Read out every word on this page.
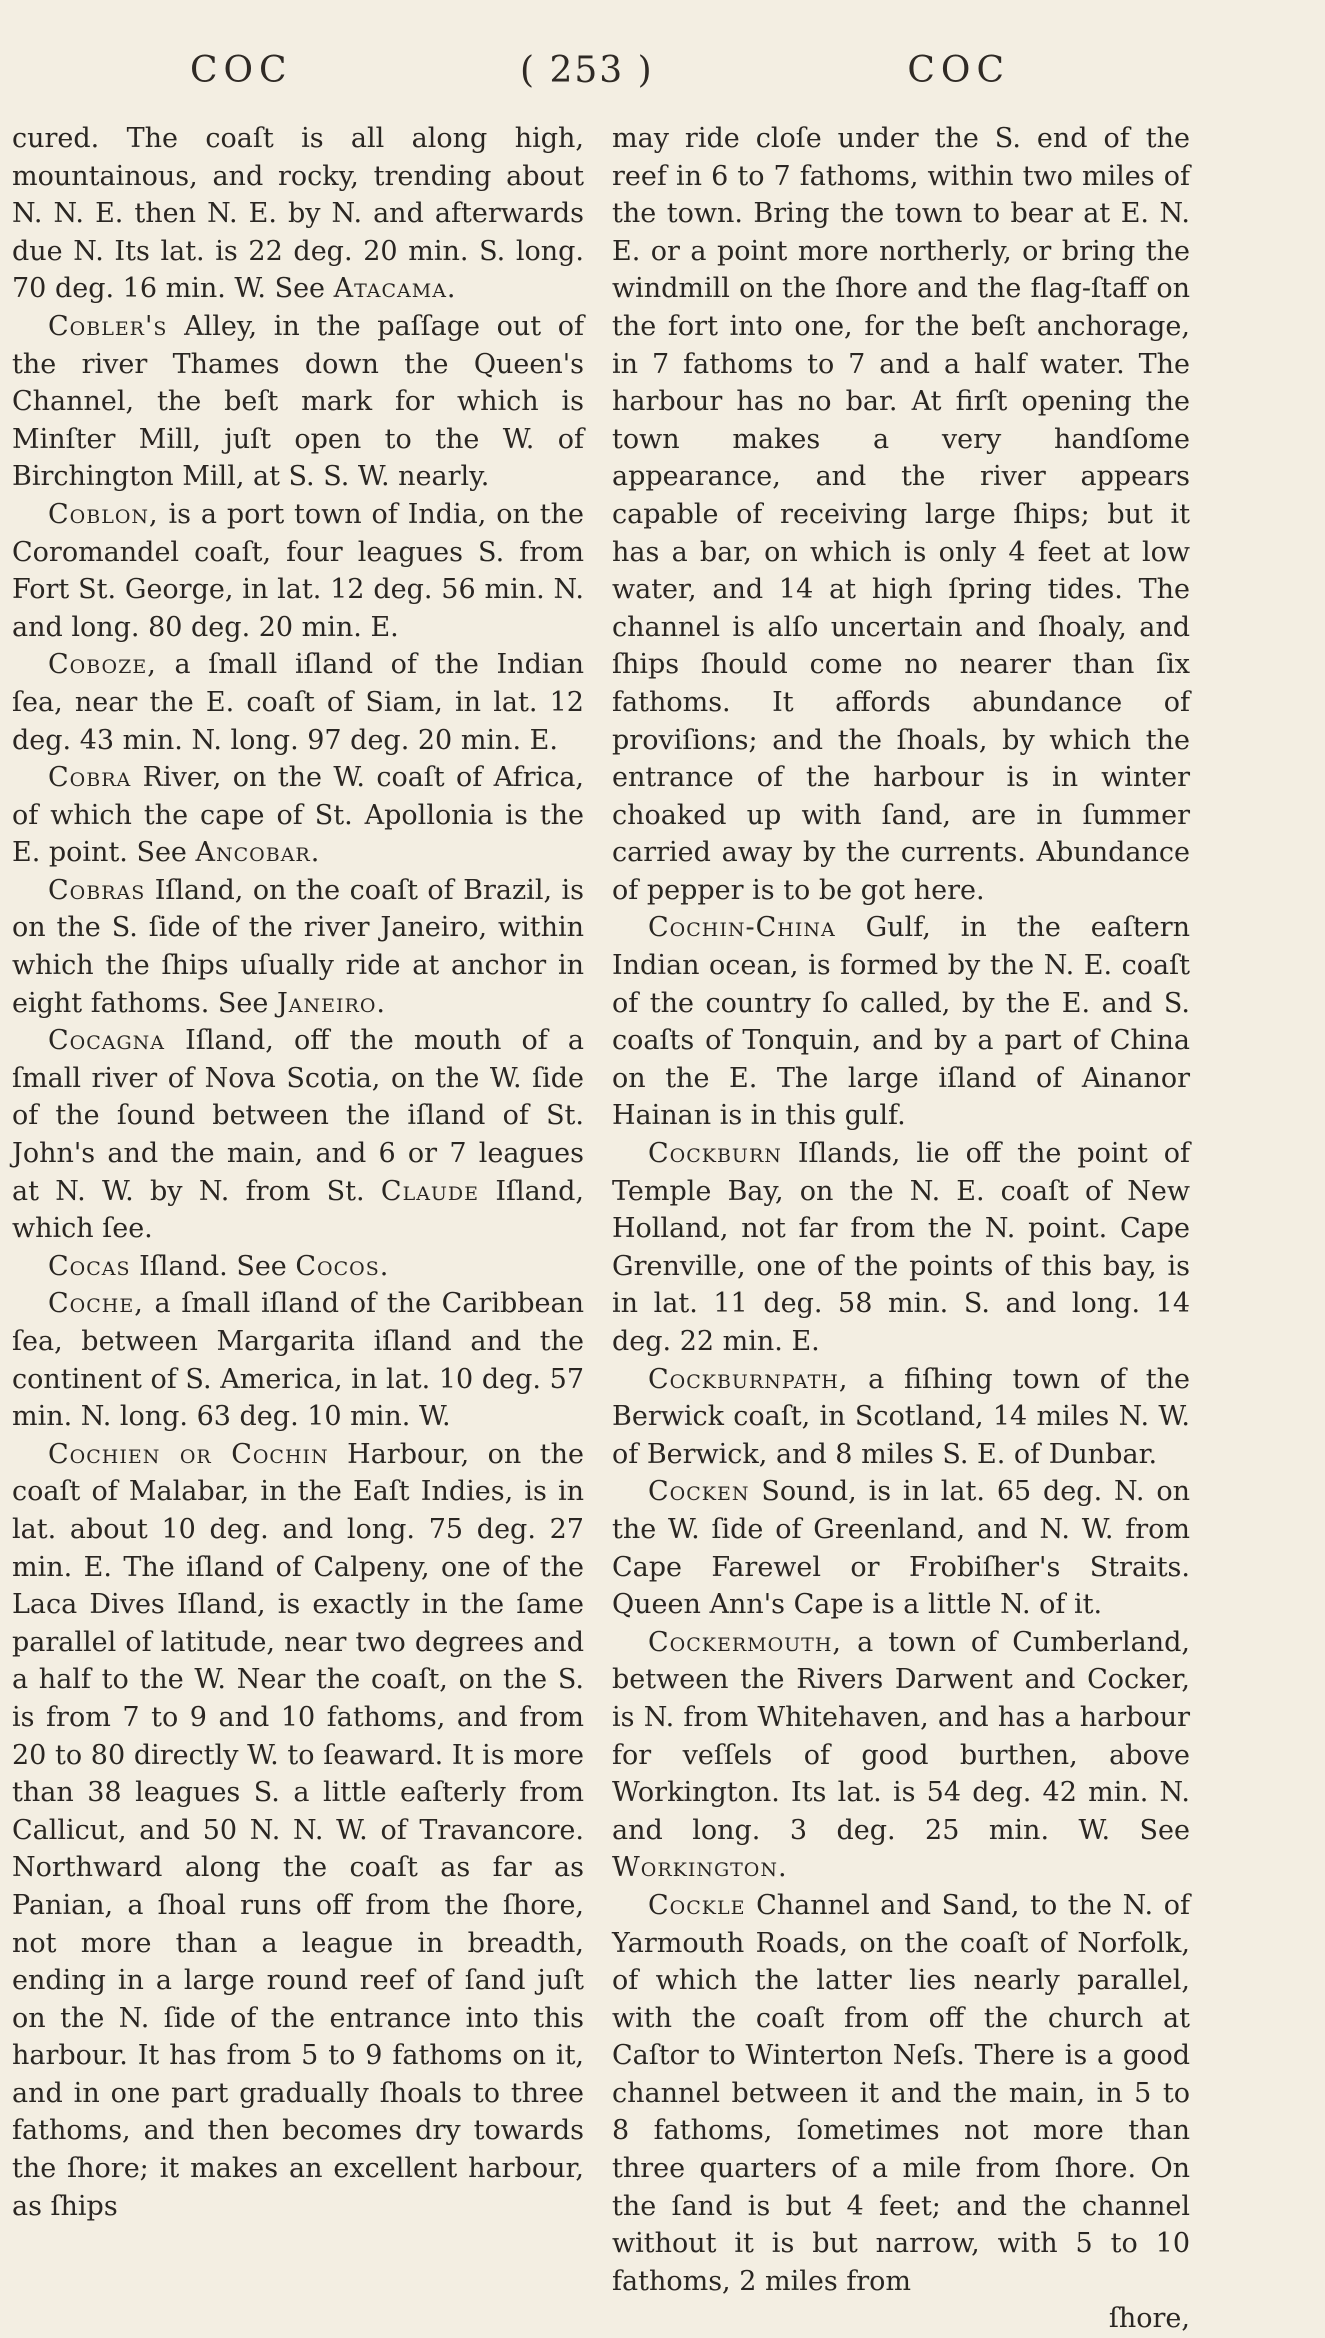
COC	( 253 )	COC

cured. The coaſt is all along high, mountainous, and rocky, trending about N. N. E. then N. E. by N. and afterwards due N. Its lat. is 22 deg. 20 min. S. long. 70 deg. 16 min. W. See Atacama.

Cobler's Alley, in the paſſage out of the river Thames down the Queen's Channel, the beſt mark for which is Minſter Mill, juſt open to the W. of Birchington Mill, at S. S. W. nearly.

Coblon, is a port town of India, on the Coromandel coaſt, four leagues S. from Fort St. George, in lat. 12 deg. 56 min. N. and long. 80 deg. 20 min. E.

Coboze, a ſmall iſland of the Indian ſea, near the E. coaſt of Siam, in lat. 12 deg. 43 min. N. long. 97 deg. 20 min. E.

Cobra River, on the W. coaſt of Africa, of which the cape of St. Apollonia is the E. point. See Ancobar.

Cobras Iſland, on the coaſt of Brazil, is on the S. ſide of the river Janeiro, within which the ſhips uſually ride at anchor in eight fathoms. See Janeiro.

Cocagna Iſland, off the mouth of a ſmall river of Nova Scotia, on the W. ſide of the ſound between the iſland of St. John's and the main, and 6 or 7 leagues at N. W. by N. from St. Claude Iſland, which ſee.

Cocas Iſland. See Cocos.

Coche, a ſmall iſland of the Caribbean ſea, between Margarita iſland and the continent of S. America, in lat. 10 deg. 57 min. N. long. 63 deg. 10 min. W.

Cochien or Cochin Harbour, on the coaſt of Malabar, in the Eaſt Indies, is in lat. about 10 deg. and long. 75 deg. 27 min. E. The iſland of Calpeny, one of the Laca Dives Iſland, is exactly in the ſame parallel of latitude, near two degrees and a half to the W. Near the coaſt, on the S. is from 7 to 9 and 10 fathoms, and from 20 to 80 directly W. to ſeaward. It is more than 38 leagues S. a little eaſterly from Callicut, and 50 N. N. W. of Travancore. Northward along the coaſt as far as Panian, a ſhoal runs off from the ſhore, not more than a league in breadth, ending in a large round reef of ſand juſt on the N. ſide of the entrance into this harbour. It has from 5 to 9 fathoms on it, and in one part gradually ſhoals to three fathoms, and then becomes dry towards the ſhore; it makes an excellent harbour, as ſhips

may ride cloſe under the S. end of the reef in 6 to 7 fathoms, within two miles of the town. Bring the town to bear at E. N. E. or a point more northerly, or bring the windmill on the ſhore and the flag-ſtaff on the fort into one, for the beſt anchorage, in 7 fathoms to 7 and a half water. The harbour has no bar. At firſt opening the town makes a very handſome appearance, and the river appears capable of receiving large ſhips; but it has a bar, on which is only 4 feet at low water, and 14 at high ſpring tides. The channel is alſo uncertain and ſhoaly, and ſhips ſhould come no nearer than ſix fathoms. It affords abundance of proviſions; and the ſhoals, by which the entrance of the harbour is in winter choaked up with ſand, are in ſummer carried away by the currents. Abundance of pepper is to be got here.

Cochin-China Gulf, in the eaſtern Indian ocean, is formed by the N. E. coaſt of the country ſo called, by the E. and S. coaſts of Tonquin, and by a part of China on the E. The large iſland of Ainanor Hainan is in this gulf.

Cockburn Iſlands, lie off the point of Temple Bay, on the N. E. coaſt of New Holland, not far from the N. point. Cape Grenville, one of the points of this bay, is in lat. 11 deg. 58 min. S. and long. 14 deg. 22 min. E.

Cockburnpath, a fiſhing town of the Berwick coaſt, in Scotland, 14 miles N. W. of Berwick, and 8 miles S. E. of Dunbar.

Cocken Sound, is in lat. 65 deg. N. on the W. ſide of Greenland, and N. W. from Cape Farewel or Frobiſher's Straits. Queen Ann's Cape is a little N. of it.

Cockermouth, a town of Cumberland, between the Rivers Darwent and Cocker, is N. from Whitehaven, and has a harbour for veſſels of good burthen, above Workington. Its lat. is 54 deg. 42 min. N. and long. 3 deg. 25 min. W. See Workington.

Cockle Channel and Sand, to the N. of Yarmouth Roads, on the coaſt of Norfolk, of which the latter lies nearly parallel, with the coaſt from off the church at Caſtor to Winterton Neſs. There is a good channel between it and the main, in 5 to 8 fathoms, ſometimes not more than three quarters of a mile from ſhore. On the ſand is but 4 feet; and the channel without it is but narrow, with 5 to 10 fathoms, 2 miles from

ſhore,
